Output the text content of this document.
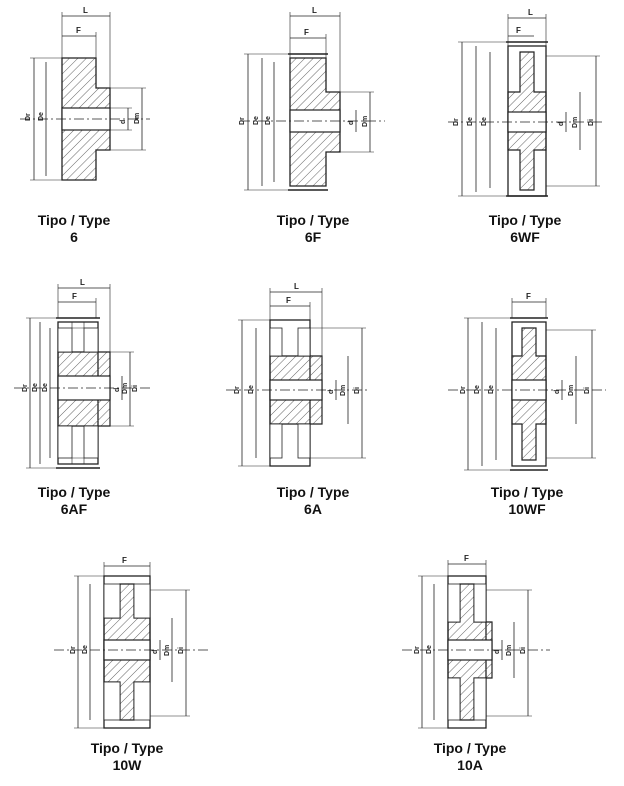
L
F
Dr De
d Dm
Tipo / Type
6
L
F
Dr De De	d Dm
Tipo / Type
6F
L
F
Dr De De	d Dm Di
Tipo / Type
6WF
L
F
Dr De De	d Dm Di
Tipo / Type
6AF
L
F
Dr De	d Dm Di
Tipo / Type
6A
F
Dr De De	d Dm Di
Tipo / Type
10WF
F
Dr De	d Dm Di
Tipo / Type
10W
F
Dr De	d Dm Di
Tipo / Type
10A
